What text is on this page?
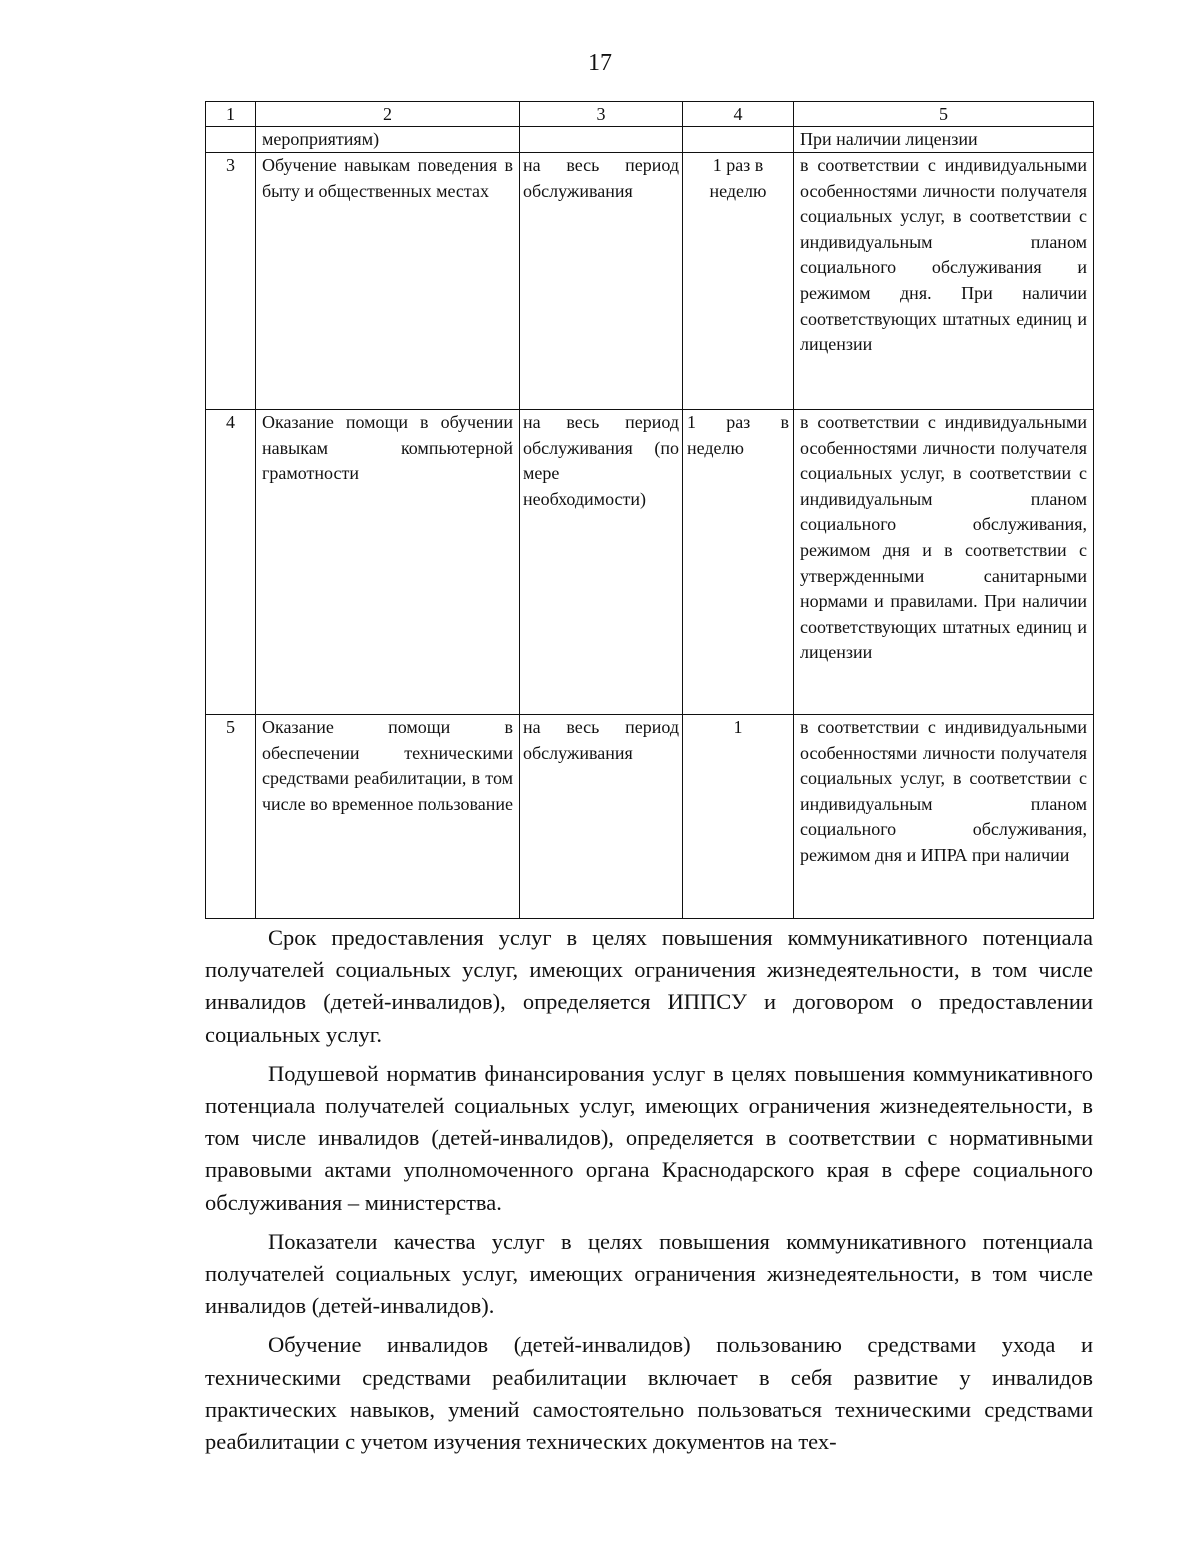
17
1	2	3	4	5
	мероприятиям)			При наличии лицензии
3	Обучение навыкам поведения в быту и общественных местах	на весь период обслуживания	1 раз в неделю	в соответствии с индивидуальными особенностями личности получателя социальных услуг, в соответствии с индивидуальным планом социального обслуживания и режимом дня. При наличии соответствующих штатных единиц и лицензии
4	Оказание помощи в обучении навыкам компьютерной грамотности	на весь период обслуживания (по мере необходимости)	1 раз в неделю	в соответствии с индивидуальными особенностями личности получателя социальных услуг, в соответствии с индивидуальным планом социального обслуживания, режимом дня и в соответствии с утвержденными санитарными нормами и правилами. При наличии соответствующих штатных единиц и лицензии
5	Оказание помощи в обеспечении техническими средствами реабилитации, в том числе во временное пользование	на весь период обслуживания	1	в соответствии с индивидуальными особенностями личности получателя социальных услуг, в соответствии с индивидуальным планом социального обслуживания, режимом дня и ИПРА при наличии

Срок предоставления услуг в целях повышения коммуникативного потенциала получателей социальных услуг, имеющих ограничения жизнедеятельности, в том числе инвалидов (детей-инвалидов), определяется ИППСУ и договором о предоставлении социальных услуг.

Подушевой норматив финансирования услуг в целях повышения коммуникативного потенциала получателей социальных услуг, имеющих ограничения жизнедеятельности, в том числе инвалидов (детей-инвалидов), определяется в соответствии с нормативными правовыми актами уполномоченного органа Краснодарского края в сфере социального обслуживания – министерства.

Показатели качества услуг в целях повышения коммуникативного потенциала получателей социальных услуг, имеющих ограничения жизнедеятельности, в том числе инвалидов (детей-инвалидов).

Обучение инвалидов (детей-инвалидов) пользованию средствами ухода и техническими средствами реабилитации включает в себя развитие у инвалидов практических навыков, умений самостоятельно пользоваться техническими средствами реабилитации с учетом изучения технических документов на тех-
